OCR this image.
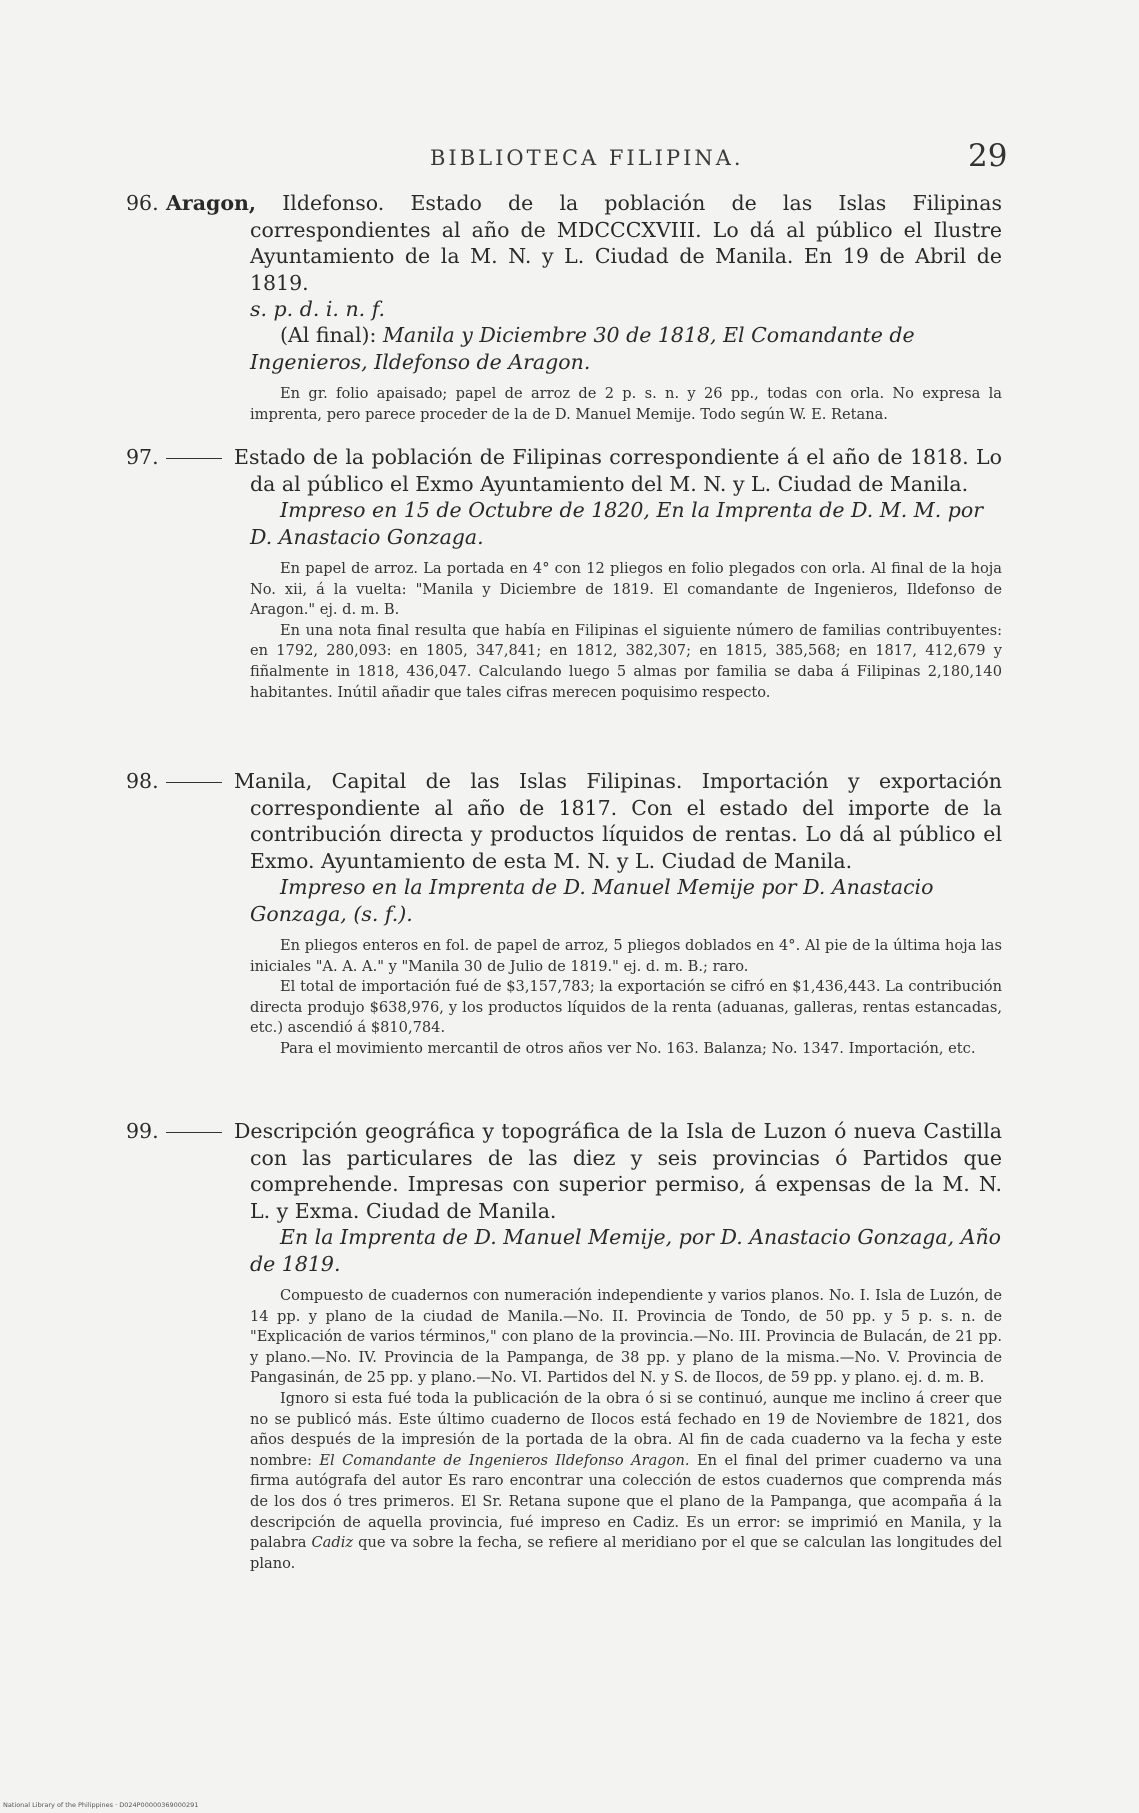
BIBLIOTECA FILIPINA.	29

96. Aragon, Ildefonso. Estado de la población de las Islas Filipinas correspondientes al año de MDCCCXVIII. Lo dá al público el Ilustre Ayuntamiento de la M. N. y L. Ciudad de Manila. En 19 de Abril de 1819.

s. p. d. i. n. f.

(Al final): Manila y Diciembre 30 de 1818, El Comandante de Ingenieros, Ildefonso de Aragon.

En gr. folio apaisado; papel de arroz de 2 p. s. n. y 26 pp., todas con orla. No expresa la imprenta, pero parece proceder de la de D. Manuel Memije. Todo según W. E. Retana.

97.	Estado de la población de Filipinas correspondiente á el año de 1818. Lo da al público el Exmo Ayuntamiento del M. N. y L. Ciudad de Manila.

Impreso en 15 de Octubre de 1820, En la Imprenta de D. M. M. por D. Anastacio Gonzaga.

En papel de arroz. La portada en 4° con 12 pliegos en folio plegados con orla. Al final de la hoja No. xii, á la vuelta: "Manila y Diciembre de 1819. El comandante de Ingenieros, Ildefonso de Aragon." ej. d. m. B.

En una nota final resulta que había en Filipinas el siguiente número de familias contribuyentes: en 1792, 280,093: en 1805, 347,841; en 1812, 382,307; en 1815, 385,568; en 1817, 412,679 y fiñalmente in 1818, 436,047. Calculando luego 5 almas por familia se daba á Filipinas 2,180,140 habitantes. Inútil añadir que tales cifras merecen poquisimo respecto.

98.	Manila, Capital de las Islas Filipinas. Importación y exportación correspondiente al año de 1817. Con el estado del importe de la contribución directa y productos líquidos de rentas. Lo dá al público el Exmo. Ayuntamiento de esta M. N. y L. Ciudad de Manila.

Impreso en la Imprenta de D. Manuel Memije por D. Anastacio Gonzaga, (s. f.).

En pliegos enteros en fol. de papel de arroz, 5 pliegos doblados en 4°. Al pie de la última hoja las iniciales "A. A. A." y "Manila 30 de Julio de 1819." ej. d. m. B.; raro.

El total de importación fué de $3,157,783; la exportación se cifró en $1,436,443. La contribución directa produjo $638,976, y los productos líquidos de la renta (aduanas, galleras, rentas estancadas, etc.) ascendió á $810,784.

Para el movimiento mercantil de otros años ver No. 163. Balanza; No. 1347. Importación, etc.

99.	Descripción geográfica y topográfica de la Isla de Luzon ó nueva Castilla con las particulares de las diez y seis provincias ó Partidos que comprehende. Impresas con superior permiso, á expensas de la M. N. L. y Exma. Ciudad de Manila.

En la Imprenta de D. Manuel Memije, por D. Anastacio Gonzaga, Año de 1819.

Compuesto de cuadernos con numeración independiente y varios planos. No. I. Isla de Luzón, de 14 pp. y plano de la ciudad de Manila.—No. II. Provincia de Tondo, de 50 pp. y 5 p. s. n. de "Explicación de varios términos," con plano de la provincia.—No. III. Provincia de Bulacán, de 21 pp. y plano.—No. IV. Provincia de la Pampanga, de 38 pp. y plano de la misma.—No. V. Provincia de Pangasinán, de 25 pp. y plano.—No. VI. Partidos del N. y S. de Ilocos, de 59 pp. y plano. ej. d. m. B.

Ignoro si esta fué toda la publicación de la obra ó si se continuó, aunque me inclino á creer que no se publicó más. Este último cuaderno de Ilocos está fechado en 19 de Noviembre de 1821, dos años después de la impresión de la portada de la obra. Al fin de cada cuaderno va la fecha y este nombre: El Comandante de Ingenieros Ildefonso Aragon. En el final del primer cuaderno va una firma autógrafa del autor Es raro encontrar una colección de estos cuadernos que comprenda más de los dos ó tres primeros. El Sr. Retana supone que el plano de la Pampanga, que acompaña á la descripción de aquella provincia, fué impreso en Cadiz. Es un error: se imprimió en Manila, y la palabra Cadiz que va sobre la fecha, se refiere al meridiano por el que se calculan las longitudes del plano.

National Library of the Philippines · D024P00000369000291
